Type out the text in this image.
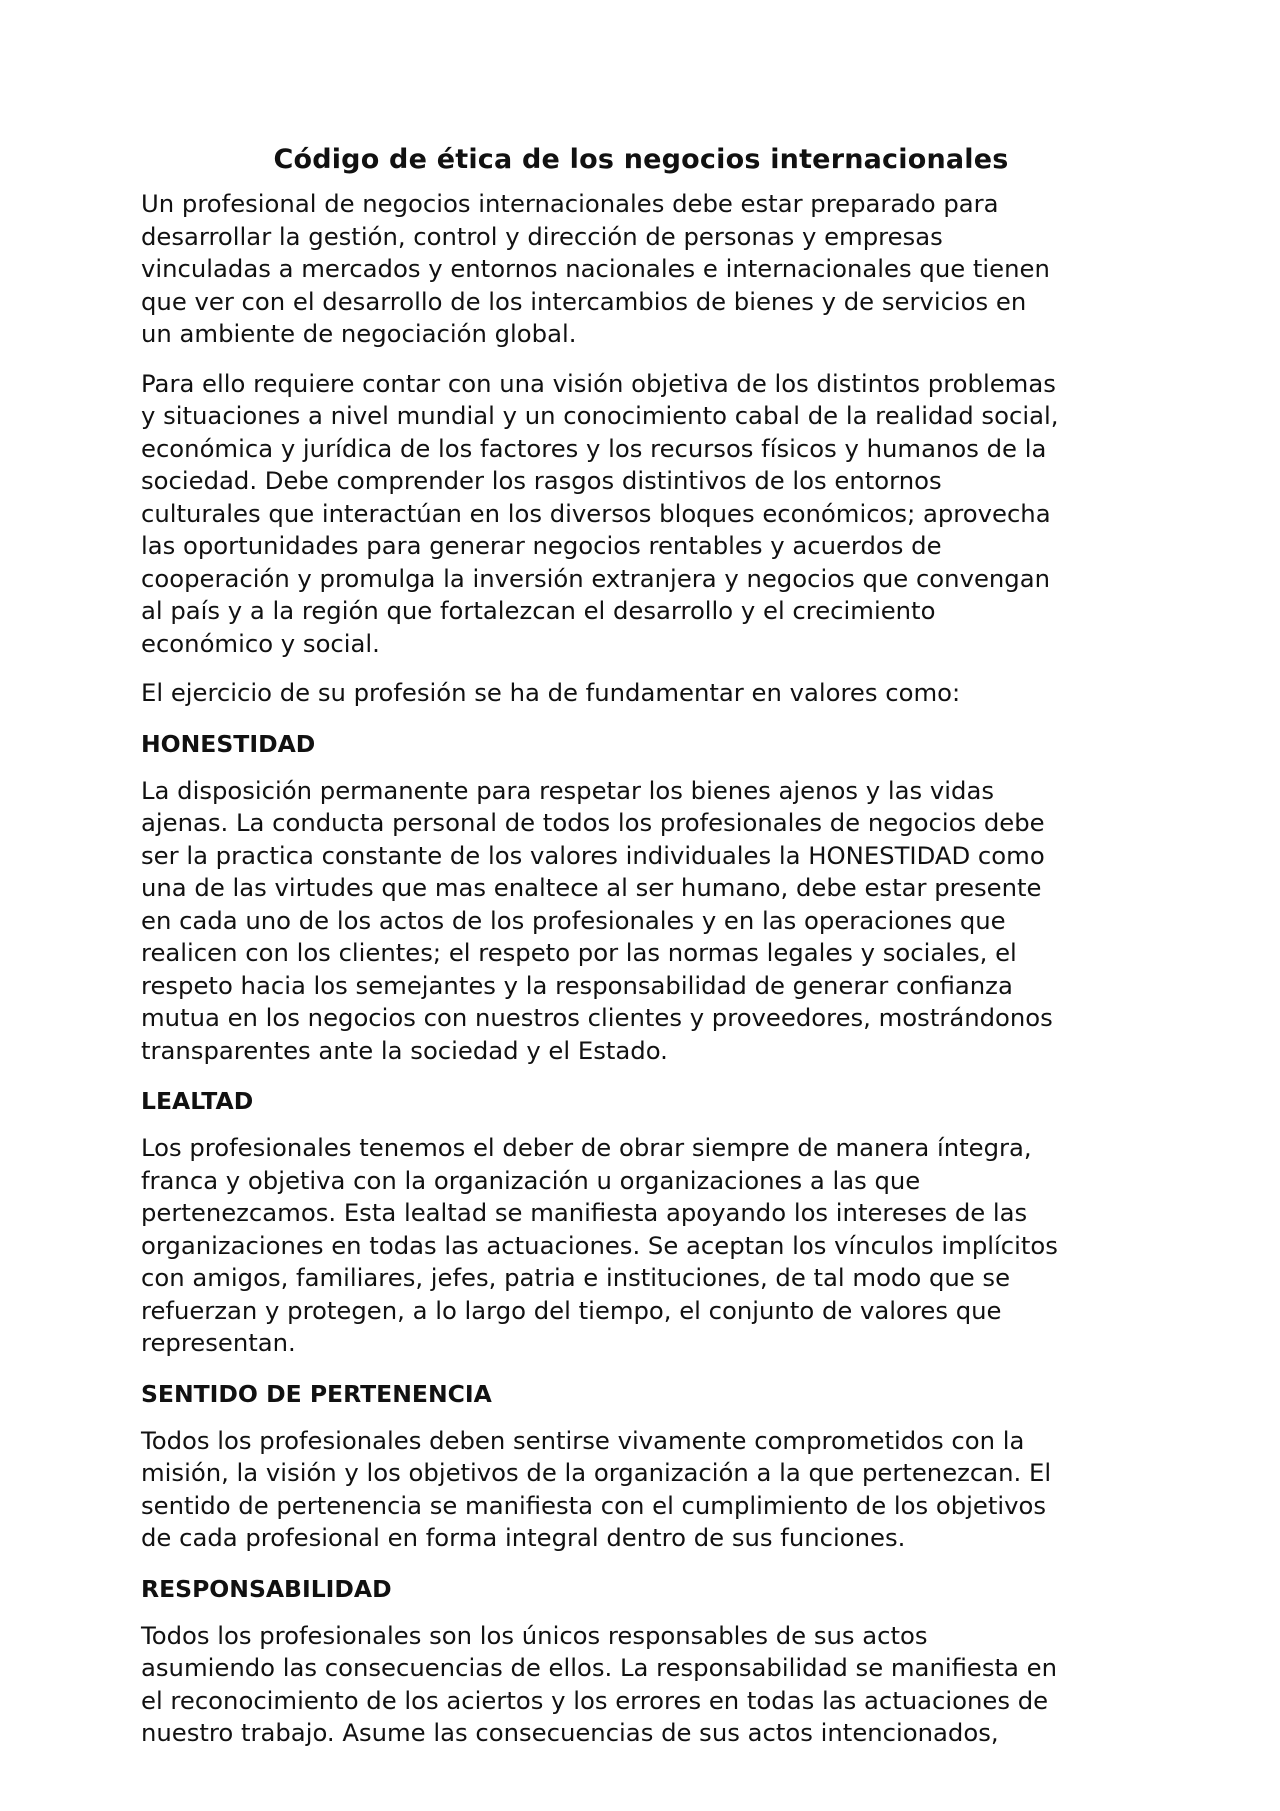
Código de ética de los negocios internacionales

Un profesional de negocios internacionales debe estar preparado para
desarrollar la gestión, control y dirección de personas y empresas
vinculadas a mercados y entornos nacionales e internacionales que tienen
que ver con el desarrollo de los intercambios de bienes y de servicios en
un ambiente de negociación global.

Para ello requiere contar con una visión objetiva de los distintos problemas
y situaciones a nivel mundial y un conocimiento cabal de la realidad social,
económica y jurídica de los factores y los recursos físicos y humanos de la
sociedad. Debe comprender los rasgos distintivos de los entornos
culturales que interactúan en los diversos bloques económicos; aprovecha
las oportunidades para generar negocios rentables y acuerdos de
cooperación y promulga la inversión extranjera y negocios que convengan
al país y a la región que fortalezcan el desarrollo y el crecimiento
económico y social.

El ejercicio de su profesión se ha de fundamentar en valores como:

HONESTIDAD

La disposición permanente para respetar los bienes ajenos y las vidas
ajenas. La conducta personal de todos los profesionales de negocios debe
ser la practica constante de los valores individuales la HONESTIDAD como
una de las virtudes que mas enaltece al ser humano, debe estar presente
en cada uno de los actos de los profesionales y en las operaciones que
realicen con los clientes; el respeto por las normas legales y sociales, el
respeto hacia los semejantes y la responsabilidad de generar confianza
mutua en los negocios con nuestros clientes y proveedores, mostrándonos
transparentes ante la sociedad y el Estado.

LEALTAD

Los profesionales tenemos el deber de obrar siempre de manera íntegra,
franca y objetiva con la organización u organizaciones a las que
pertenezcamos. Esta lealtad se manifiesta apoyando los intereses de las
organizaciones en todas las actuaciones. Se aceptan los vínculos implícitos
con amigos, familiares, jefes, patria e instituciones, de tal modo que se
refuerzan y protegen, a lo largo del tiempo, el conjunto de valores que
representan.

SENTIDO DE PERTENENCIA

Todos los profesionales deben sentirse vivamente comprometidos con la
misión, la visión y los objetivos de la organización a la que pertenezcan. El
sentido de pertenencia se manifiesta con el cumplimiento de los objetivos
de cada profesional en forma integral dentro de sus funciones.

RESPONSABILIDAD

Todos los profesionales son los únicos responsables de sus actos
asumiendo las consecuencias de ellos. La responsabilidad se manifiesta en
el reconocimiento de los aciertos y los errores en todas las actuaciones de
nuestro trabajo. Asume las consecuencias de sus actos intencionados,
